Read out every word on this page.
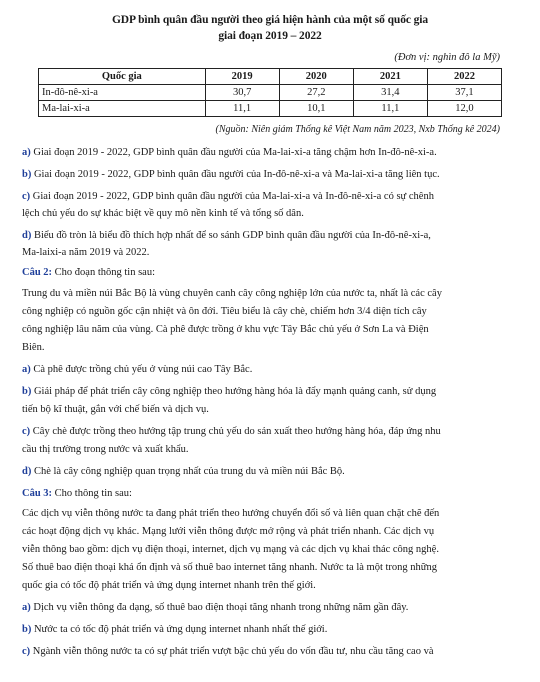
GDP bình quân đầu người theo giá hiện hành của một số quốc gia
giai đoạn 2019 – 2022
(Đơn vị: nghìn đô la Mỹ)
Quốc gia	2019	2020	2021	2022
In-đô-nê-xi-a	30,7	27,2	31,4	37,1
Ma-lai-xi-a	11,1	10,1	11,1	12,0
(Nguồn: Niên giám Thống kê Việt Nam năm 2023, Nxb Thống kê 2024)
a) Giai đoạn 2019 - 2022, GDP bình quân đầu người của Ma-lai-xi-a tăng chậm hơn In-đô-nê-xi-a.
b) Giai đoạn 2019 - 2022, GDP bình quân đầu người của In-đô-nê-xi-a và Ma-lai-xi-a tăng liên tục.
c) Giai đoạn 2019 - 2022, GDP bình quân đầu người của Ma-lai-xi-a và In-đô-nê-xi-a có sự chênh
lệch chủ yếu do sự khác biệt về quy mô nền kinh tế và tổng số dân.
d) Biểu đồ tròn là biểu đồ thích hợp nhất để so sánh GDP bình quân đầu người của In-đô-nê-xi-a,
Ma-laixi-a năm 2019 và 2022.
Câu 2: Cho đoạn thông tin sau:
Trung du và miền núi Bắc Bộ là vùng chuyên canh cây công nghiệp lớn của nước ta, nhất là các cây
công nghiệp có nguồn gốc cận nhiệt và ôn đới. Tiêu biểu là cây chè, chiếm hơn 3/4 diện tích cây
công nghiệp lâu năm của vùng. Cà phê được trồng ở khu vực Tây Bắc chủ yếu ở Sơn La và Điện
Biên.
a) Cà phê được trồng chủ yếu ở vùng núi cao Tây Bắc.
b) Giải pháp để phát triển cây công nghiệp theo hướng hàng hóa là đẩy mạnh quảng canh, sử dụng
tiến bộ kĩ thuật, gắn với chế biến và dịch vụ.
c) Cây chè được trồng theo hướng tập trung chủ yếu do sản xuất theo hướng hàng hóa, đáp ứng nhu
cầu thị trường trong nước và xuất khẩu.
d) Chè là cây công nghiệp quan trọng nhất của trung du và miền núi Bắc Bộ.
Câu 3: Cho thông tin sau:
Các dịch vụ viễn thông nước ta đang phát triển theo hướng chuyển đổi số và liên quan chặt chẽ đến
các hoạt động dịch vụ khác. Mạng lưới viễn thông được mở rộng và phát triển nhanh. Các dịch vụ
viễn thông bao gồm: dịch vụ điện thoại, internet, dịch vụ mạng và các dịch vụ khai thác công nghệ.
Số thuê bao điện thoại khá ổn định và số thuê bao internet tăng nhanh. Nước ta là một trong những
quốc gia có tốc độ phát triển và ứng dụng internet nhanh trên thế giới.
a) Dịch vụ viễn thông đa dạng, số thuê bao điện thoại tăng nhanh trong những năm gần đây.
b) Nước ta có tốc độ phát triển và ứng dụng internet nhanh nhất thế giới.
c) Ngành viễn thông nước ta có sự phát triển vượt bậc chủ yếu do vốn đầu tư, nhu cầu tăng cao và
